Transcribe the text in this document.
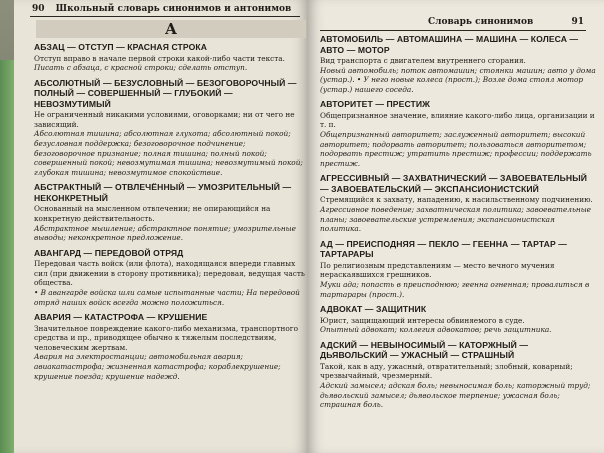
90 Школьный словарь синонимов и антонимов
А
АБЗАЦ — ОТСТУП — КРАСНАЯ СТРОКА
Отступ вправо в начале первой строки какой-либо части текста.
Писать с абзаца, с красной строки; сделать отступ.
АБСОЛЮТНЫЙ — БЕЗУСЛОВНЫЙ — БЕЗОГОВОРОЧНЫЙ — ПОЛНЫЙ — СОВЕРШЕННЫЙ — ГЛУБОКИЙ — НЕВОЗМУТИМЫЙ
Не ограниченный никакими условиями, оговорками; ни от чего не зависящий.
Абсолютная тишина; абсолютная глухота; абсолютный покой; безусловная поддержка; безоговорочное подчинение; безоговорочное признание; полная тишина; полный покой; совершенный покой; невозмутимая тишина; невозмутимый покой; глубокая тишина; невозмутимое спокойствие.
АБСТРАКТНЫЙ — ОТВЛЕЧЁННЫЙ — УМОЗРИТЕЛЬНЫЙ — НЕКОНКРЕТНЫЙ
Основанный на мысленном отвлечении; не опирающийся на конкретную действительность.
Абстрактное мышление; абстрактное понятие; умозрительные выводы; неконкретное предложение.
АВАНГАРД — ПЕРЕДОВОЙ ОТРЯД
Передовая часть войск (или флота), находящаяся впереди главных сил (при движении в сторону противника); передовая, ведущая часть общества.
• В авангарде войска шли самые испытанные части; На передовой отряд наших войск всегда можно положиться.
АВАРИЯ — КАТАСТРОФА — КРУШЕНИЕ
Значительное повреждение какого-либо механизма, транспортного средства и пр., приводящее обычно к тяжелым последствиям, человеческим жертвам.
Авария на электростанции; автомобильная авария; авиакатастрофа; жизненная катастрофа; кораблекрушение; крушение поезда; крушение надежд.
Словарь синонимов	91
АВТОМОБИЛЬ — АВТОМАШИНА — МАШИНА — КОЛЕСА — АВТО — МОТОР
Вид транспорта с двигателем внутреннего сгорания.
Новый автомобиль; поток автомашин; стоянки машин; авто у дома (устар.). • У него новые колеса (прост.); Возле дома стоял мотор (устар.) нашего соседа.
АВТОРИТЕТ — ПРЕСТИЖ
Общепризнанное значение, влияние какого-либо лица, организации и т. п.
Общепризнанный авторитет; заслуженный авторитет; высокий авторитет; подорвать авторитет; пользоваться авторитетом; подорвать престиж; утратить престиж; профессии; поддержать престиж.
АГРЕССИВНЫЙ — ЗАХВАТНИЧЕСКИЙ — ЗАВОЕВАТЕЛЬНЫЙ — ЗАВОЕВАТЕЛЬСКИЙ — ЭКСПАНСИОНИСТСКИЙ
Стремящийся к захвату, нападению, к насильственному подчинению.
Агрессивное поведение; захватническая политика; завоевательные планы; завоевательские устремления; экспансионистская политика.
АД — ПРЕИСПОДНЯЯ — ПЕКЛО — ГЕЕННА — ТАРТАР — ТАРТАРАРЫ
По религиозным представлениям — место вечного мучения нераскаявшихся грешников.
Муки ада; попасть в преисподнюю; геенна огненная; провалиться в тартарары (прост.).
АДВОКАТ — ЗАЩИТНИК
Юрист, защищающий интересы обвиняемого в суде.
Опытный адвокат; коллегия адвокатов; речь защитника.
АДСКИЙ — НЕВЫНОСИМЫЙ — КАТОРЖНЫЙ — ДЬЯВОЛЬСКИЙ — УЖАСНЫЙ — СТРАШНЫЙ
Такой, как в аду, ужасный, отвратительный; злобный, коварный; чрезвычайный, чрезмерный.
Адский замысел; адская боль; невыносимая боль; каторжный труд; дьявольский замысел; дьявольское терпение; ужасная боль; страшная боль.
